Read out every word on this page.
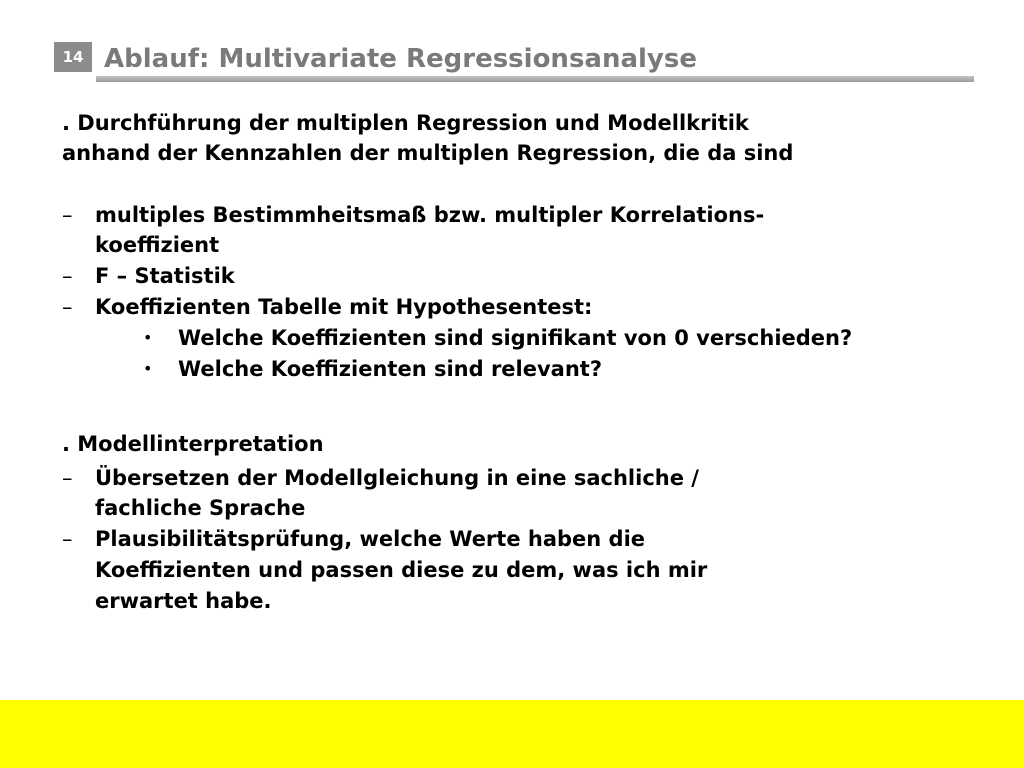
14 Ablauf: Multivariate Regressionsanalyse
. Durchführung der multiplen Regression und Modellkritik
anhand der Kennzahlen der multiplen Regression, die da sind
– multiples Bestimmheitsmaß bzw. multipler Korrelations-
koeffizient
– F – Statistik
– Koeffizienten Tabelle mit Hypothesentest:
• Welche Koeffizienten sind signifikant von 0 verschieden?
• Welche Koeffizienten sind relevant?
. Modellinterpretation
– Übersetzen der Modellgleichung in eine sachliche /
fachliche Sprache
– Plausibilitätsprüfung, welche Werte haben die
Koeffizienten und passen diese zu dem, was ich mir
erwartet habe.
